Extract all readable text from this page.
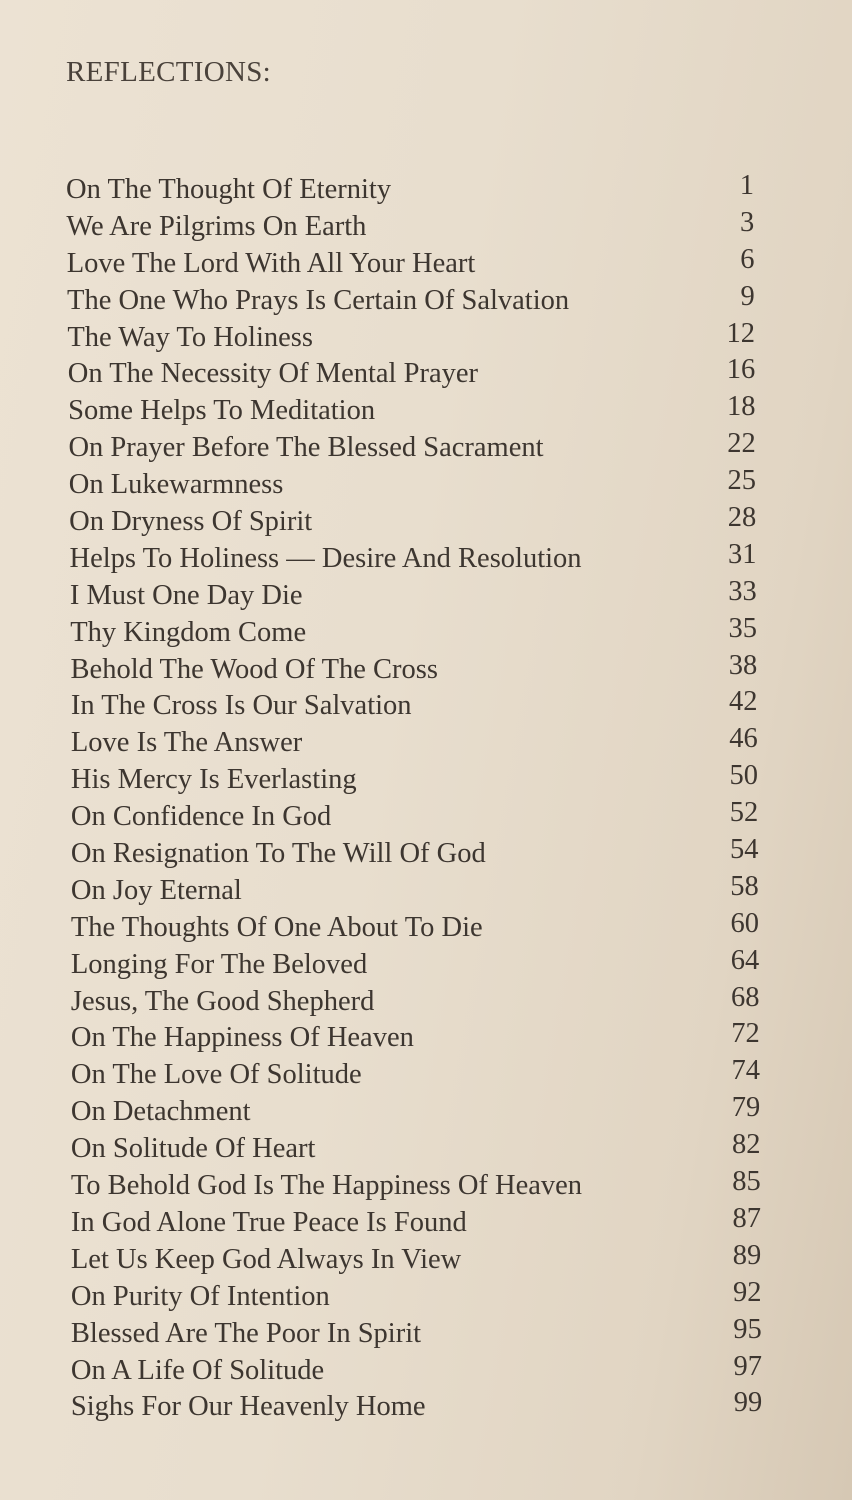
REFLECTIONS:
On The Thought Of Eternity	1
We Are Pilgrims On Earth	3
Love The Lord With All Your Heart	6
The One Who Prays Is Certain Of Salvation	9
The Way To Holiness	12
On The Necessity Of Mental Prayer	16
Some Helps To Meditation	18
On Prayer Before The Blessed Sacrament	22
On Lukewarmness	25
On Dryness Of Spirit	28
Helps To Holiness — Desire And Resolution	31
I Must One Day Die	33
Thy Kingdom Come	35
Behold The Wood Of The Cross	38
In The Cross Is Our Salvation	42
Love Is The Answer	46
His Mercy Is Everlasting	50
On Confidence In God	52
On Resignation To The Will Of God	54
On Joy Eternal	58
The Thoughts Of One About To Die	60
Longing For The Beloved	64
Jesus, The Good Shepherd	68
On The Happiness Of Heaven	72
On The Love Of Solitude	74
On Detachment	79
On Solitude Of Heart	82
To Behold God Is The Happiness Of Heaven	85
In God Alone True Peace Is Found	87
Let Us Keep God Always In View	89
On Purity Of Intention	92
Blessed Are The Poor In Spirit	95
On A Life Of Solitude	97
Sighs For Our Heavenly Home	99
